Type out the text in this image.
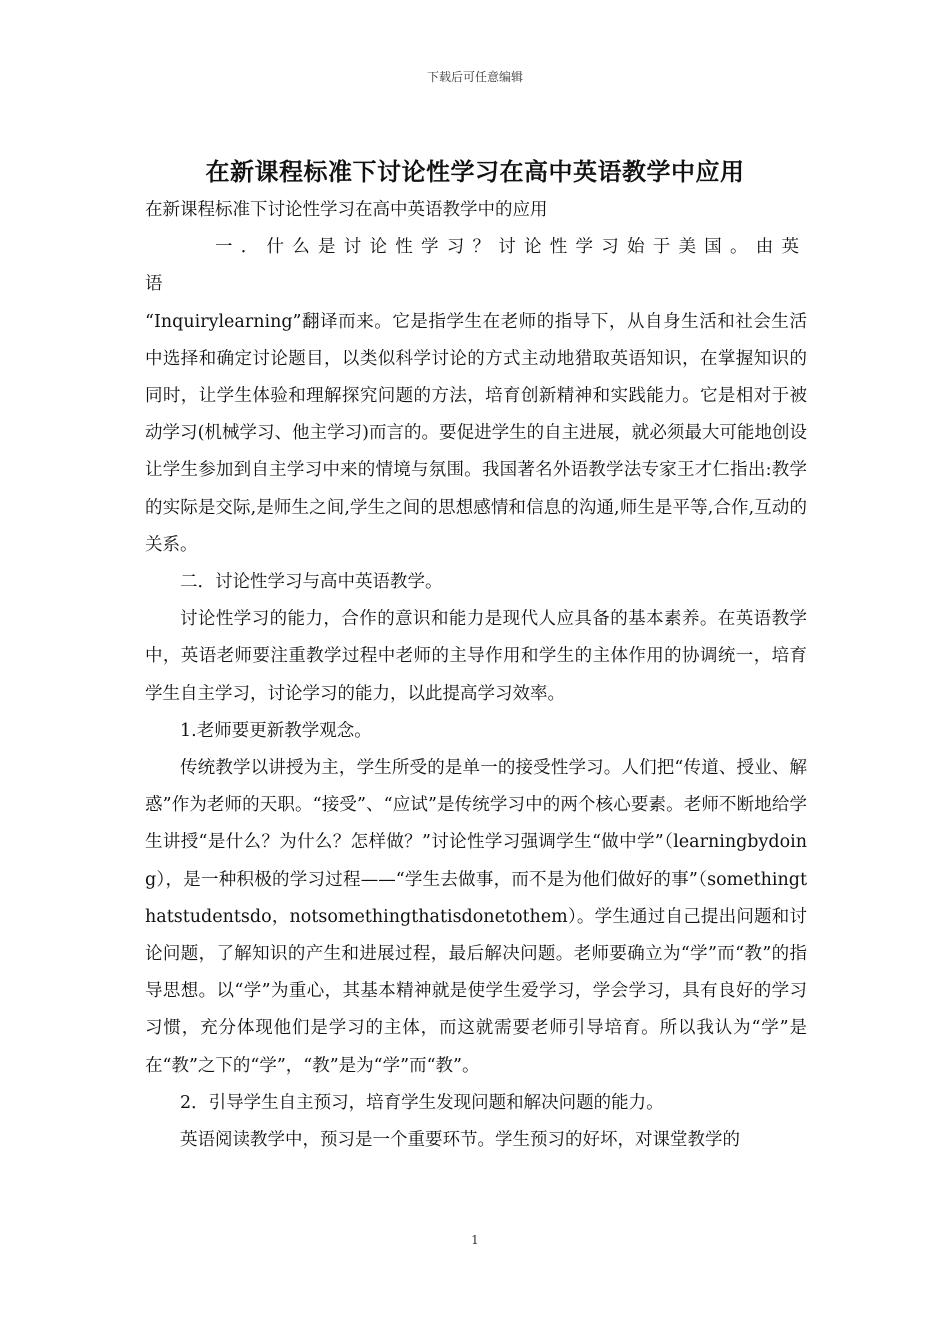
下载后可任意编辑
在新课程标准下讨论性学习在高中英语教学中应用

在新课程标准下讨论性学习在高中英语教学中的应用

一．什么是讨论性学习？讨论性学习始于美国。由英语

“Inquirylearning”翻译而来。它是指学生在老师的指导下，从自身生活和社会生活中选择和确定讨论题目，以类似科学讨论的方式主动地猎取英语知识，在掌握知识的同时，让学生体验和理解探究问题的方法，培育创新精神和实践能力。它是相对于被动学习(机械学习、他主学习)而言的。要促进学生的自主进展，就必须最大可能地创设让学生参加到自主学习中来的情境与氛围。我国著名外语教学法专家王才仁指出:教学的实际是交际,是师生之间,学生之间的思想感情和信息的沟通,师生是平等,合作,互动的关系。

二．讨论性学习与高中英语教学。

讨论性学习的能力，合作的意识和能力是现代人应具备的基本素养。在英语教学中，英语老师要注重教学过程中老师的主导作用和学生的主体作用的协调统一，培育学生自主学习，讨论学习的能力，以此提高学习效率。

1.老师要更新教学观念。

传统教学以讲授为主，学生所受的是单一的接受性学习。人们把“传道、授业、解惑”作为老师的天职。“接受”、“应试”是传统学习中的两个核心要素。老师不断地给学生讲授“是什么？为什么？怎样做？”讨论性学习强调学生“做中学”（learningbydoing），是一种积极的学习过程——“学生去做事，而不是为他们做好的事”（somethingthatstudentsdo，notsomethingthatisdonetothem）。学生通过自己提出问题和讨论问题，了解知识的产生和进展过程，最后解决问题。老师要确立为“学”而“教”的指导思想。以“学”为重心，其基本精神就是使学生爱学习，学会学习，具有良好的学习习惯，充分体现他们是学习的主体，而这就需要老师引导培育。所以我认为“学”是在“教”之下的“学”，“教”是为“学”而“教”。

2．引导学生自主预习，培育学生发现问题和解决问题的能力。

英语阅读教学中，预习是一个重要环节。学生预习的好坏，对课堂教学的

1
